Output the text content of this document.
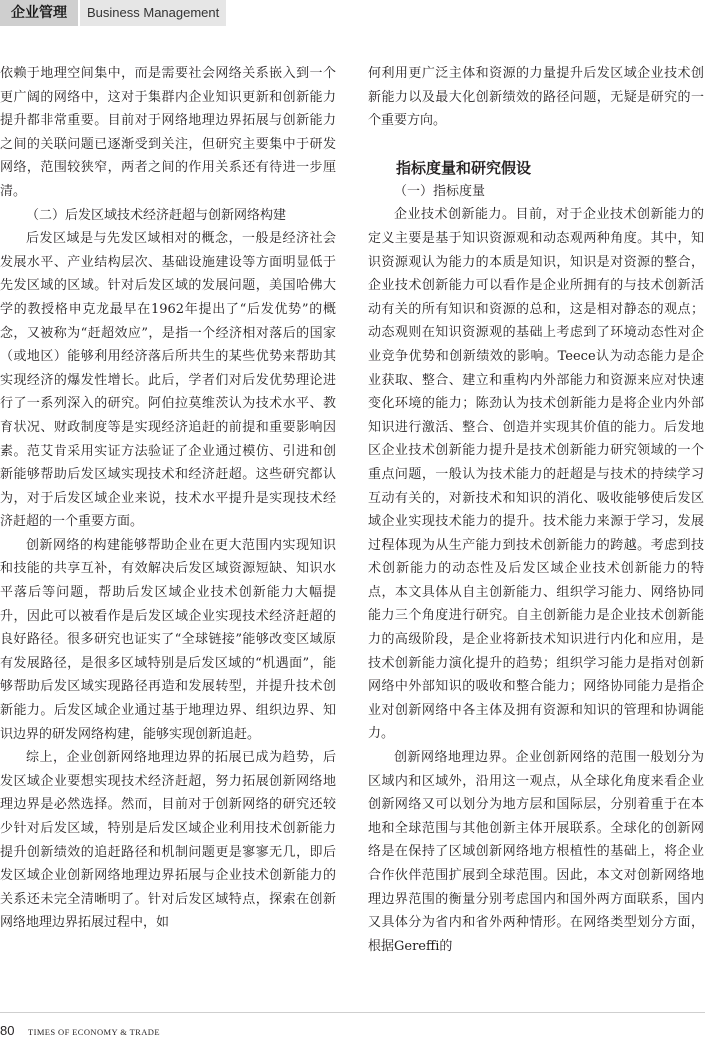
企业管理	Business Management

依赖于地理空间集中，而是需要社会网络关系嵌入到一个更广阔的网络中，这对于集群内企业知识更新和创新能力提升都非常重要。目前对于网络地理边界拓展与创新能力之间的关联问题已逐渐受到关注，但研究主要集中于研发网络，范围较狭窄，两者之间的作用关系还有待进一步厘清。

（二）后发区域技术经济赶超与创新网络构建

后发区域是与先发区域相对的概念，一般是经济社会发展水平、产业结构层次、基础设施建设等方面明显低于先发区域的区域。针对后发区域的发展问题，美国哈佛大学的教授格申克龙最早在1962年提出了“后发优势”的概念，又被称为“赶超效应”，是指一个经济相对落后的国家（或地区）能够利用经济落后所共生的某些优势来帮助其实现经济的爆发性增长。此后，学者们对后发优势理论进行了一系列深入的研究。阿伯拉莫维茨认为技术水平、教育状况、财政制度等是实现经济追赶的前提和重要影响因素。范艾肯采用实证方法验证了企业通过模仿、引进和创新能够帮助后发区域实现技术和经济赶超。这些研究都认为，对于后发区域企业来说，技术水平提升是实现技术经济赶超的一个重要方面。

创新网络的构建能够帮助企业在更大范围内实现知识和技能的共享互补，有效解决后发区域资源短缺、知识水平落后等问题，帮助后发区域企业技术创新能力大幅提升，因此可以被看作是后发区域企业实现技术经济赶超的良好路径。很多研究也证实了“全球链接”能够改变区域原有发展路径，是很多区域特别是后发区域的“机遇面”，能够帮助后发区域实现路径再造和发展转型，并提升技术创新能力。后发区域企业通过基于地理边界、组织边界、知识边界的研发网络构建，能够实现创新追赶。

综上，企业创新网络地理边界的拓展已成为趋势，后发区域企业要想实现技术经济赶超，努力拓展创新网络地理边界是必然选择。然而，目前对于创新网络的研究还较少针对后发区域，特别是后发区域企业利用技术创新能力提升创新绩效的追赶路径和机制问题更是寥寥无几，即后发区域企业创新网络地理边界拓展与企业技术创新能力的关系还未完全清晰明了。针对后发区域特点，探索在创新网络地理边界拓展过程中，如

何利用更广泛主体和资源的力量提升后发区域企业技术创新能力以及最大化创新绩效的路径问题，无疑是研究的一个重要方向。

指标度量和研究假设

（一）指标度量

企业技术创新能力。目前，对于企业技术创新能力的定义主要是基于知识资源观和动态观两种角度。其中，知识资源观认为能力的本质是知识，知识是对资源的整合，企业技术创新能力可以看作是企业所拥有的与技术创新活动有关的所有知识和资源的总和，这是相对静态的观点；动态观则在知识资源观的基础上考虑到了环境动态性对企业竞争优势和创新绩效的影响。Teece认为动态能力是企业获取、整合、建立和重构内外部能力和资源来应对快速变化环境的能力；陈劲认为技术创新能力是将企业内外部知识进行激活、整合、创造并实现其价值的能力。后发地区企业技术创新能力提升是技术创新能力研究领域的一个重点问题，一般认为技术能力的赶超是与技术的持续学习互动有关的，对新技术和知识的消化、吸收能够使后发区域企业实现技术能力的提升。技术能力来源于学习，发展过程体现为从生产能力到技术创新能力的跨越。考虑到技术创新能力的动态性及后发区域企业技术创新能力的特点，本文具体从自主创新能力、组织学习能力、网络协同能力三个角度进行研究。自主创新能力是企业技术创新能力的高级阶段，是企业将新技术知识进行内化和应用，是技术创新能力演化提升的趋势；组织学习能力是指对创新网络中外部知识的吸收和整合能力；网络协同能力是指企业对创新网络中各主体及拥有资源和知识的管理和协调能力。

创新网络地理边界。企业创新网络的范围一般划分为区域内和区域外，沿用这一观点，从全球化角度来看企业创新网络又可以划分为地方层和国际层，分别着重于在本地和全球范围与其他创新主体开展联系。全球化的创新网络是在保持了区域创新网络地方根植性的基础上，将企业合作伙伴范围扩展到全球范围。因此，本文对创新网络地理边界范围的衡量分别考虑国内和国外两方面联系，国内又具体分为省内和省外两种情形。在网络类型划分方面，根据Gereffi的

80 TIMES OF ECONOMY & TRADE
